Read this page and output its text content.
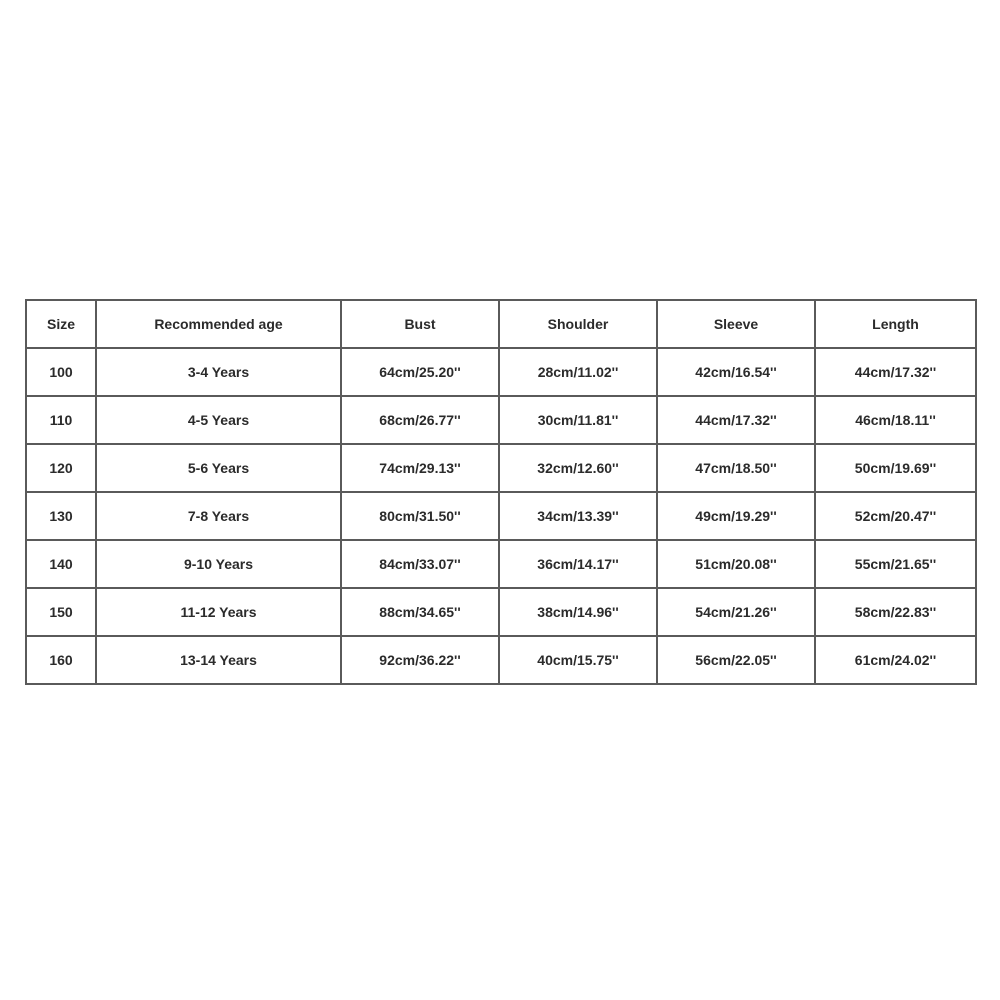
Size	Recommended age	Bust	Shoulder	Sleeve	Length
100	3-4 Years	64cm/25.20''	28cm/11.02''	42cm/16.54''	44cm/17.32''
110	4-5 Years	68cm/26.77''	30cm/11.81''	44cm/17.32''	46cm/18.11''
120	5-6 Years	74cm/29.13''	32cm/12.60''	47cm/18.50''	50cm/19.69''
130	7-8 Years	80cm/31.50''	34cm/13.39''	49cm/19.29''	52cm/20.47''
140	9-10 Years	84cm/33.07''	36cm/14.17''	51cm/20.08''	55cm/21.65''
150	11-12 Years	88cm/34.65''	38cm/14.96''	54cm/21.26''	58cm/22.83''
160	13-14 Years	92cm/36.22''	40cm/15.75''	56cm/22.05''	61cm/24.02''
